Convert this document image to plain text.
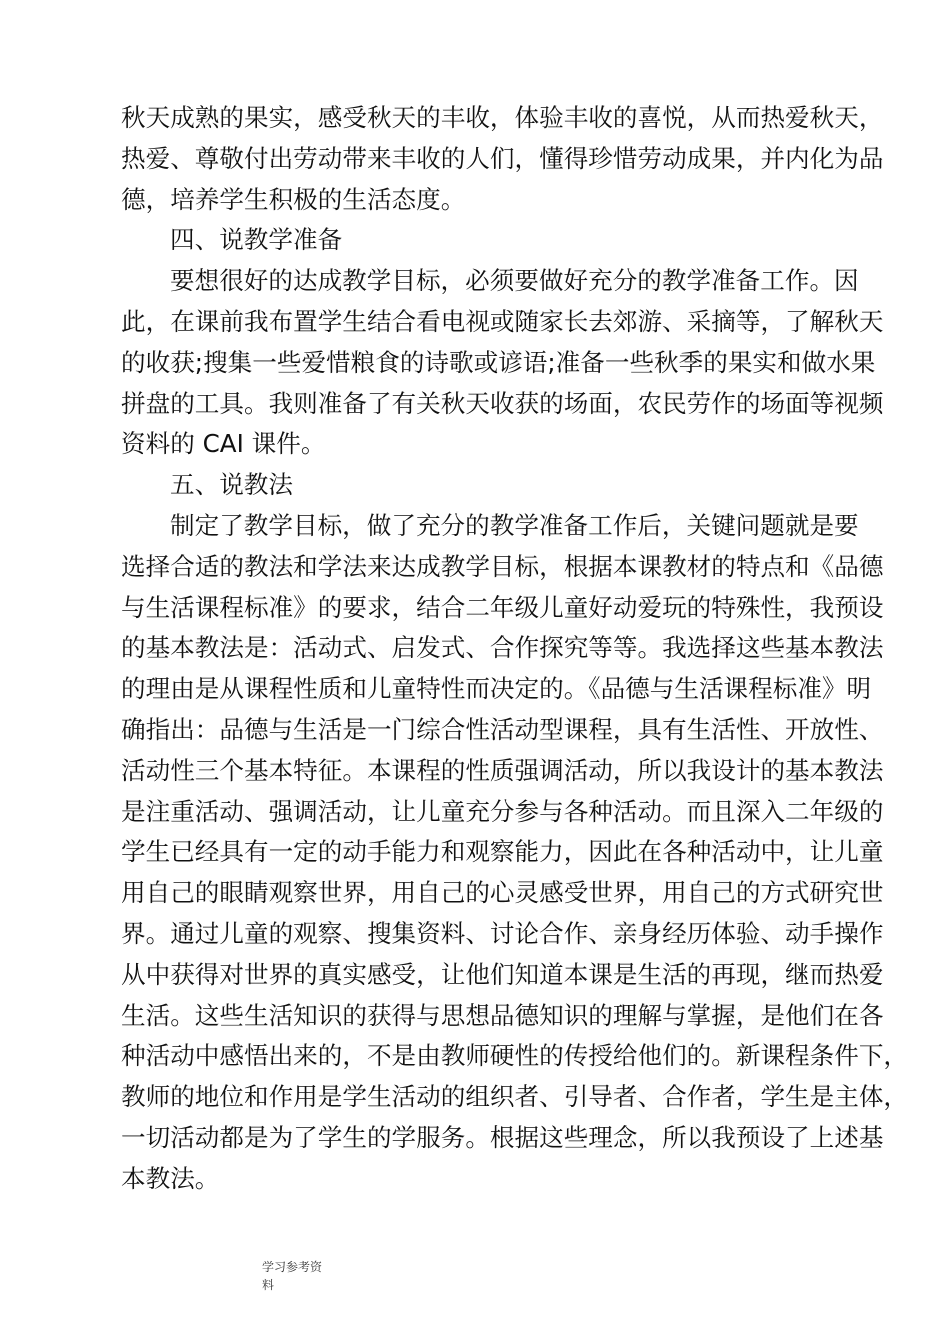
秋天成熟的果实，感受秋天的丰收，体验丰收的喜悦，从而热爱秋天，
热爱、尊敬付出劳动带来丰收的人们，懂得珍惜劳动成果，并内化为品
德，培养学生积极的生活态度。
四、说教学准备
要想很好的达成教学目标，必须要做好充分的教学准备工作。因
此，在课前我布置学生结合看电视或随家长去郊游、采摘等，了解秋天
的收获;搜集一些爱惜粮食的诗歌或谚语;准备一些秋季的果实和做水果
拼盘的工具。我则准备了有关秋天收获的场面，农民劳作的场面等视频
资料的 CAI 课件。
五、说教法
制定了教学目标，做了充分的教学准备工作后，关键问题就是要
选择合适的教法和学法来达成教学目标，根据本课教材的特点和《品德
与生活课程标准》的要求，结合二年级儿童好动爱玩的特殊性，我预设
的基本教法是：活动式、启发式、合作探究等等。我选择这些基本教法
的理由是从课程性质和儿童特性而决定的。《品德与生活课程标准》明
确指出：品德与生活是一门综合性活动型课程，具有生活性、开放性、
活动性三个基本特征。本课程的性质强调活动，所以我设计的基本教法
是注重活动、强调活动，让儿童充分参与各种活动。而且深入二年级的
学生已经具有一定的动手能力和观察能力，因此在各种活动中，让儿童
用自己的眼睛观察世界，用自己的心灵感受世界，用自己的方式研究世
界。通过儿童的观察、搜集资料、讨论合作、亲身经历体验、动手操作
从中获得对世界的真实感受，让他们知道本课是生活的再现，继而热爱
生活。这些生活知识的获得与思想品德知识的理解与掌握，是他们在各
种活动中感悟出来的，不是由教师硬性的传授给他们的。新课程条件下，
教师的地位和作用是学生活动的组织者、引导者、合作者，学生是主体，
一切活动都是为了学生的学服务。根据这些理念，所以我预设了上述基
本教法。
学习参考资
料
